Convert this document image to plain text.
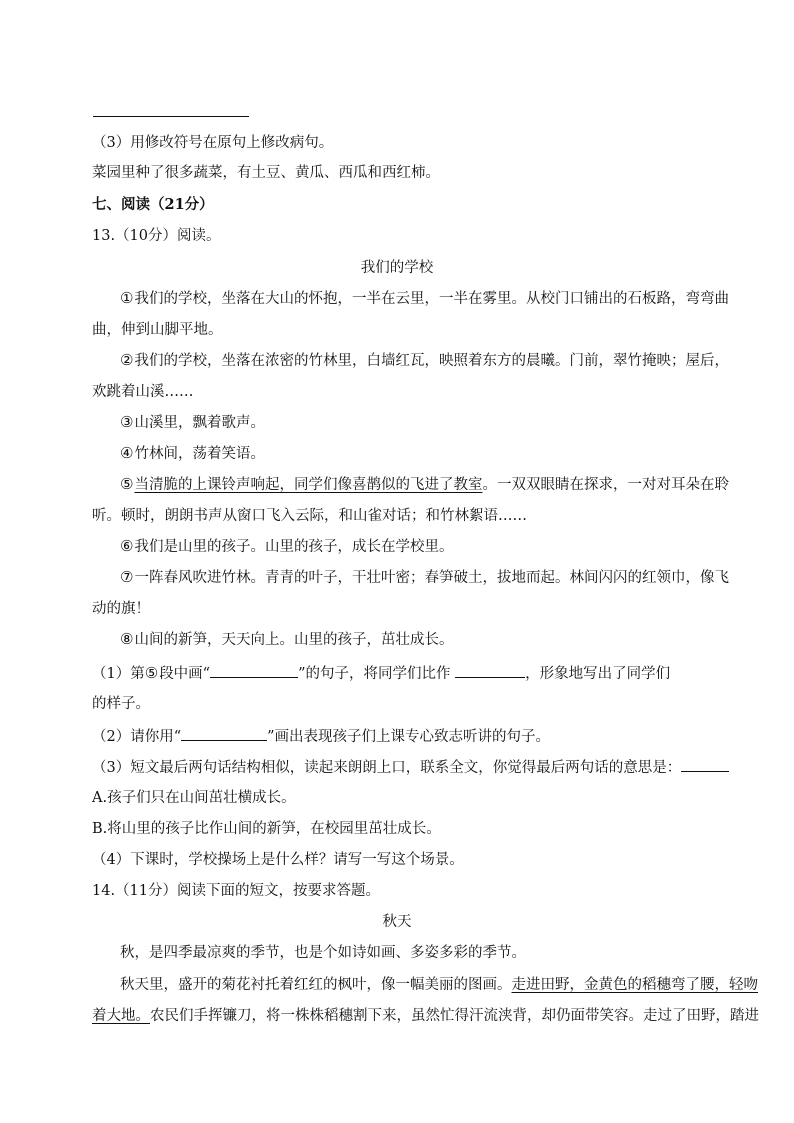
（3）用修改符号在原句上修改病句。
菜园里种了很多蔬菜，有土豆、黄瓜、西瓜和西红柿。
七、阅读（21分）
13.（10分）阅读。
我们的学校
①我们的学校，坐落在大山的怀抱，一半在云里，一半在雾里。从校门口铺出的石板路，弯弯曲
曲，伸到山脚平地。
②我们的学校，坐落在浓密的竹林里，白墙红瓦，映照着东方的晨曦。门前，翠竹掩映；屋后，
欢跳着山溪……
③山溪里，飘着歌声。
④竹林间，荡着笑语。
⑤当清脆的上课铃声响起，同学们像喜鹊似的飞进了教室。一双双眼睛在探求，一对对耳朵在聆
听。顿时，朗朗书声从窗口飞入云际，和山雀对话；和竹林絮语……
⑥我们是山里的孩子。山里的孩子，成长在学校里。
⑦一阵春风吹进竹林。青青的叶子，干壮叶密；春笋破土，拔地而起。林间闪闪的红领巾，像飞
动的旗！
⑧山间的新笋，天天向上。山里的孩子，茁壮成长。
（1）第⑤段中画“	”的句子，将同学们比作	，形象地写出了同学们
的样子。
（2）请你用“	”画出表现孩子们上课专心致志听讲的句子。
（3）短文最后两句话结构相似，读起来朗朗上口，联系全文，你觉得最后两句话的意思是：
A.孩子们只在山间茁壮横成长。
B.将山里的孩子比作山间的新笋，在校园里茁壮成长。
（4）下课时，学校操场上是什么样？请写一写这个场景。
14.（11分）阅读下面的短文，按要求答题。
秋天
秋，是四季最凉爽的季节，也是个如诗如画、多姿多彩的季节。
秋天里，盛开的菊花衬托着红红的枫叶，像一幅美丽的图画。走进田野，金黄色的稻穗弯了腰，轻吻
着大地。农民们手挥镰刀，将一株株稻穗割下来，虽然忙得汗流浃背，却仍面带笑容。走过了田野，踏进
